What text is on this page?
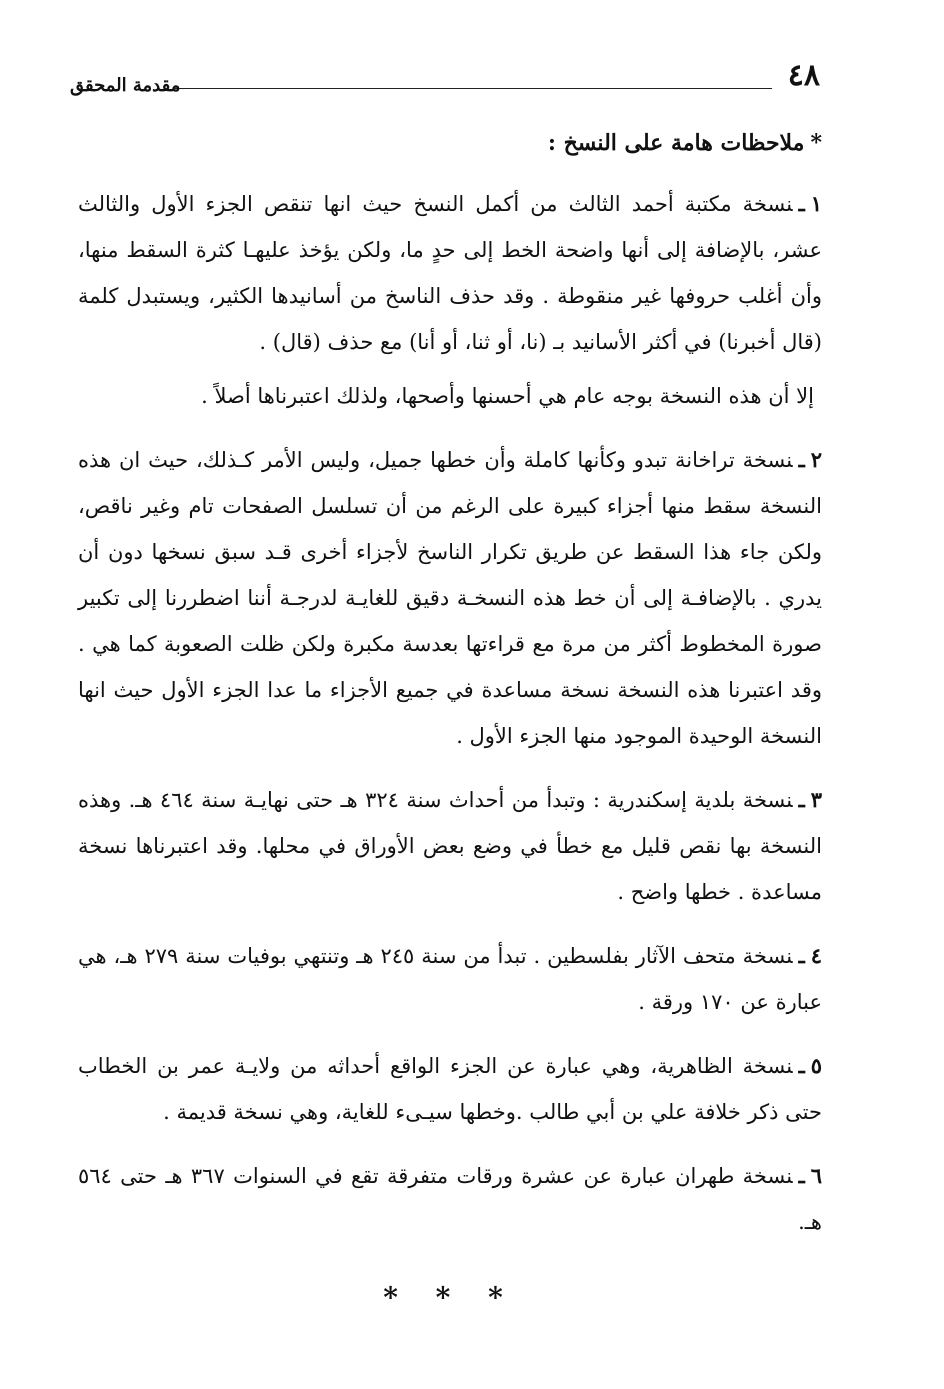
٤٨
مقدمة المحقق

*ملاحظات هامة على النسخ :

١ـنسخة مكتبة أحمد الثالث من أكمل النسخ حيث انها تنقص الجزء الأول والثالث عشر، بالإضافة إلى أنها واضحة الخط إلى حدٍ ما، ولكن يؤخذ عليهـا كثرة السقط منها، وأن أغلب حروفها غير منقوطة . وقد حذف الناسخ من أسانيدها الكثير، ويستبدل كلمة (قال أخبرنا) في أكثر الأسانيد بـ (نا، أو ثنا، أو أنا) مع حذف (قال) .

إلا أن هذه النسخة بوجه عام هي أحسنها وأصحها، ولذلك اعتبرناها أصلاً .

٢ـنسخة تراخانة تبدو وكأنها كاملة وأن خطها جميل، وليس الأمر كـذلك، حيث ان هذه النسخة سقط منها أجزاء كبيرة على الرغم من أن تسلسل الصفحات تام وغير ناقص، ولكن جاء هذا السقط عن طريق تكرار الناسخ لأجزاء أخرى قـد سبق نسخها دون أن يدري . بالإضافـة إلى أن خط هذه النسخـة دقيق للغايـة لدرجـة أننا اضطررنا إلى تكبير صورة المخطوط أكثر من مرة مع قراءتها بعدسة مكبرة ولكن ظلت الصعوبة كما هي . وقد اعتبرنا هذه النسخة نسخة مساعدة في جميع الأجزاء ما عدا الجزء الأول حيث انها النسخة الوحيدة الموجود منها الجزء الأول .

٣ـنسخة بلدية إسكندرية : وتبدأ من أحداث سنة ٣٢٤ هـ حتى نهايـة سنة ٤٦٤ هـ. وهذه النسخة بها نقص قليل مع خطأ في وضع بعض الأوراق في محلها. وقد اعتبرناها نسخة مساعدة . خطها واضح .

٤ـنسخة متحف الآثار بفلسطين . تبدأ من سنة ٢٤٥ هـ وتنتهي بوفيات سنة ٢٧٩ هـ، هي عبارة عن ١٧٠ ورقة .

٥ـنسخة الظاهرية، وهي عبارة عن الجزء الواقع أحداثه من ولايـة عمر بن الخطاب حتى ذكر خلافة علي بن أبي طالب .وخطها سيـىء للغاية، وهي نسخة قديمة .

٦ـنسخة طهران عبارة عن عشرة ورقات متفرقة تقع في السنوات ٣٦٧ هـ حتى ٥٦٤ هـ.

* * *
